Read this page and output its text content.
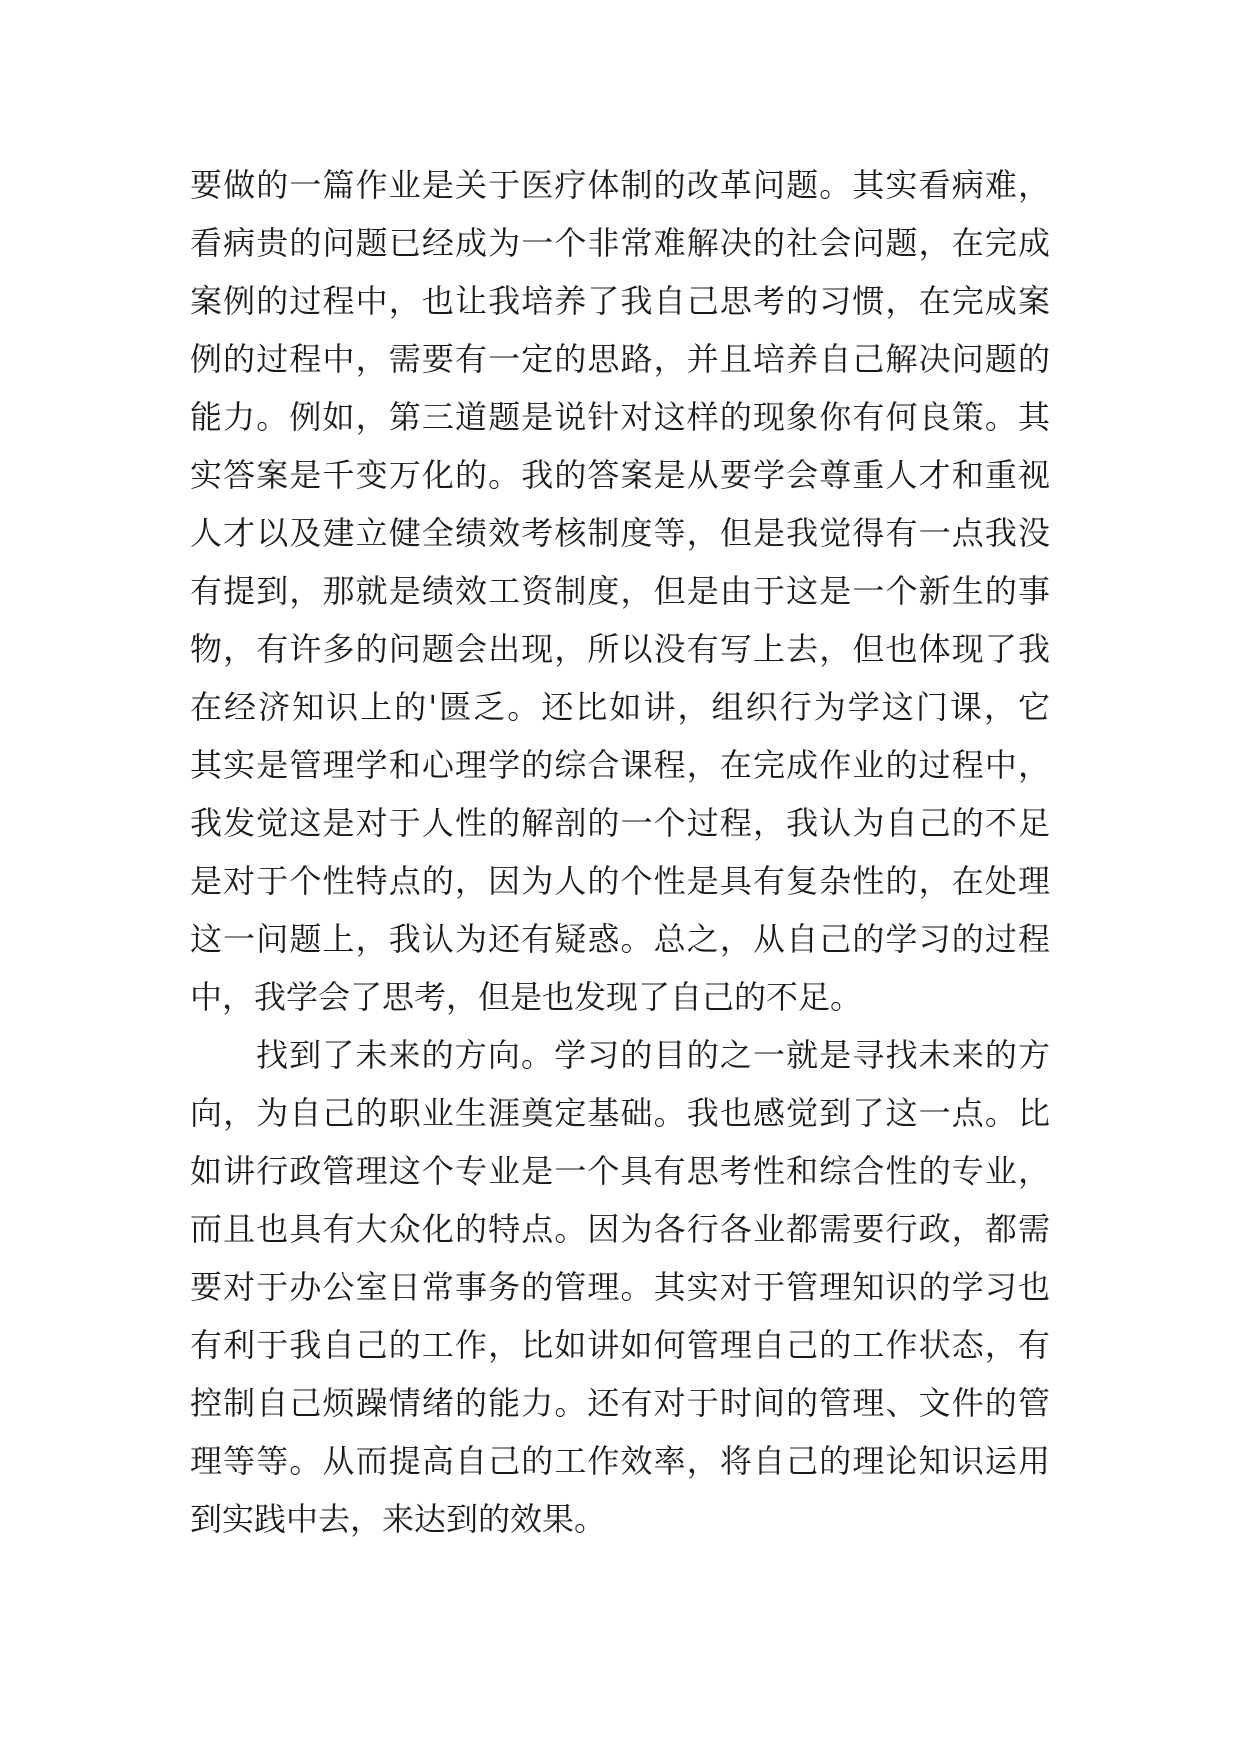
要做的一篇作业是关于医疗体制的改革问题。其实看病难，
看病贵的问题已经成为一个非常难解决的社会问题，在完成
案例的过程中，也让我培养了我自己思考的习惯，在完成案
例的过程中，需要有一定的思路，并且培养自己解决问题的
能力。例如，第三道题是说针对这样的现象你有何良策。其
实答案是千变万化的。我的答案是从要学会尊重人才和重视
人才以及建立健全绩效考核制度等，但是我觉得有一点我没
有提到，那就是绩效工资制度，但是由于这是一个新生的事
物，有许多的问题会出现，所以没有写上去，但也体现了我
在经济知识上的'匮乏。还比如讲，组织行为学这门课，它
其实是管理学和心理学的综合课程，在完成作业的过程中，
我发觉这是对于人性的解剖的一个过程，我认为自己的不足
是对于个性特点的，因为人的个性是具有复杂性的，在处理
这一问题上，我认为还有疑惑。总之，从自己的学习的过程
中，我学会了思考，但是也发现了自己的不足。
找到了未来的方向。学习的目的之一就是寻找未来的方
向，为自己的职业生涯奠定基础。我也感觉到了这一点。比
如讲行政管理这个专业是一个具有思考性和综合性的专业，
而且也具有大众化的特点。因为各行各业都需要行政，都需
要对于办公室日常事务的管理。其实对于管理知识的学习也
有利于我自己的工作，比如讲如何管理自己的工作状态，有
控制自己烦躁情绪的能力。还有对于时间的管理、文件的管
理等等。从而提高自己的工作效率，将自己的理论知识运用
到实践中去，来达到的效果。
